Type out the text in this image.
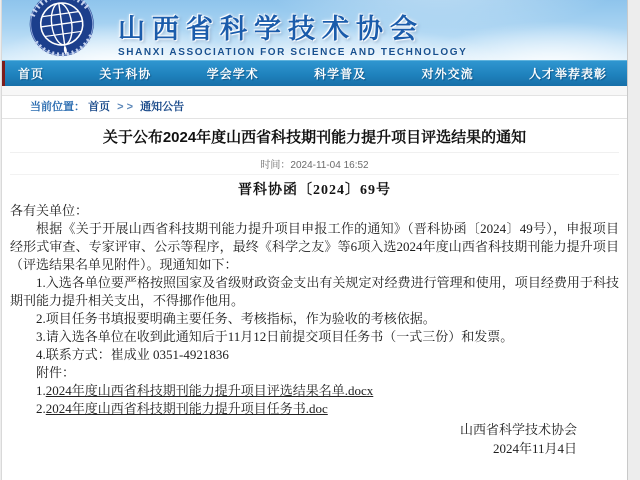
山西省科学技术协会
SHANXI ASSOCIATION FOR SCIENCE AND TECHNOLOGY
首页	关于科协	学会学术	科学普及	对外交流	人才举荐表彰
当前位置： 首页 > > 通知公告
关于公布2024年度山西省科技期刊能力提升项目评选结果的通知
时间：2024-11-04 16:52
晋科协函〔2024〕69号

各有关单位：

根据《关于开展山西省科技期刊能力提升项目申报工作的通知》（晋科协函〔2024〕49号），申报项目经形式审查、专家评审、公示等程序，最终《科学之友》等6项入选2024年度山西省科技期刊能力提升项目（评选结果名单见附件）。现通知如下：

1.入选各单位要严格按照国家及省级财政资金支出有关规定对经费进行管理和使用，项目经费用于科技期刊能力提升相关支出，不得挪作他用。

2.项目任务书填报要明确主要任务、考核指标，作为验收的考核依据。

3.请入选各单位在收到此通知后于11月12日前提交项目任务书（一式三份）和发票。

4.联系方式：崔成业 0351-4921836

附件：

1.2024年度山西省科技期刊能力提升项目评选结果名单.docx

2.2024年度山西省科技期刊能力提升项目任务书.doc

山西省科学技术协会
2024年11月4日
